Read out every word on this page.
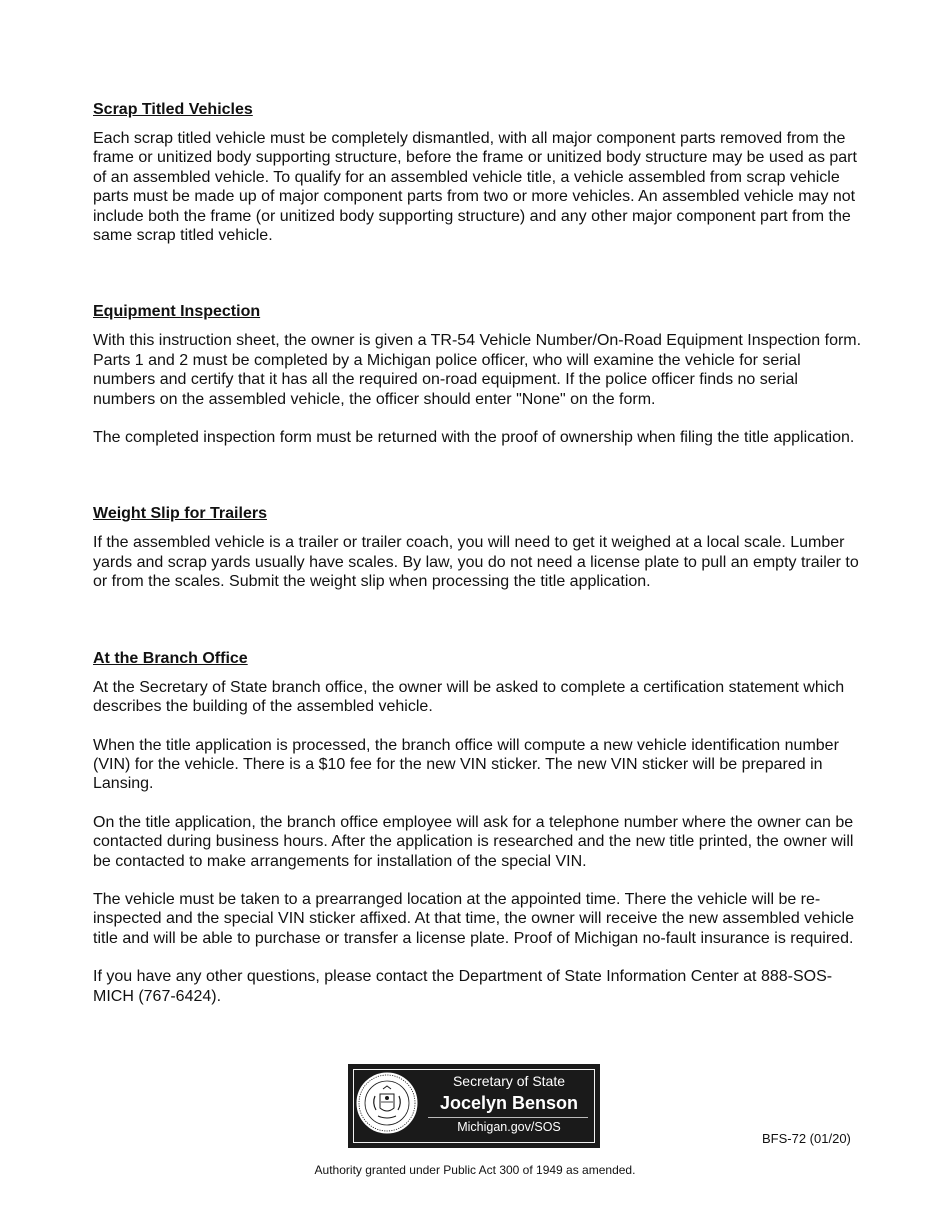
Scrap Titled Vehicles

Each scrap titled vehicle must be completely dismantled, with all major component parts removed from the frame or unitized body supporting structure, before the frame or unitized body structure may be used as part of an assembled vehicle. To qualify for an assembled vehicle title, a vehicle assembled from scrap vehicle parts must be made up of major component parts from two or more vehicles. An assembled vehicle may not include both the frame (or unitized body supporting structure) and any other major component part from the same scrap titled vehicle.

Equipment Inspection

With this instruction sheet, the owner is given a TR-54 Vehicle Number/On-Road Equipment Inspection form. Parts 1 and 2 must be completed by a Michigan police officer, who will examine the vehicle for serial numbers and certify that it has all the required on-road equipment. If the police officer finds no serial numbers on the assembled vehicle, the officer should enter "None" on the form.

The completed inspection form must be returned with the proof of ownership when filing the title application.

Weight Slip for Trailers

If the assembled vehicle is a trailer or trailer coach, you will need to get it weighed at a local scale. Lumber yards and scrap yards usually have scales. By law, you do not need a license plate to pull an empty trailer to or from the scales. Submit the weight slip when processing the title application.

At the Branch Office

At the Secretary of State branch office, the owner will be asked to complete a certification statement which describes the building of the assembled vehicle.

When the title application is processed, the branch office will compute a new vehicle identification number (VIN) for the vehicle. There is a $10 fee for the new VIN sticker. The new VIN sticker will be prepared in Lansing.

On the title application, the branch office employee will ask for a telephone number where the owner can be contacted during business hours. After the application is researched and the new title printed, the owner will be contacted to make arrangements for installation of the special VIN.

The vehicle must be taken to a prearranged location at the appointed time. There the vehicle will be re-inspected and the special VIN sticker affixed. At that time, the owner will receive the new assembled vehicle title and will be able to purchase or transfer a license plate. Proof of Michigan no-fault insurance is required.

If you have any other questions, please contact the Department of State Information Center at 888-SOS-MICH (767-6424).

Secretary of State
Jocelyn Benson
Michigan.gov/SOS
BFS-72 (01/20)
Authority granted under Public Act 300 of 1949 as amended.
